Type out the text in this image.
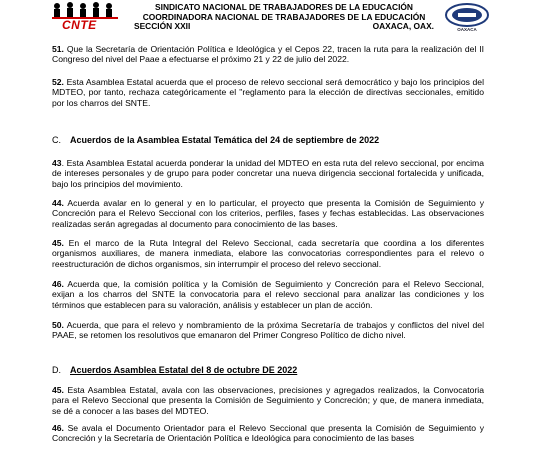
CNTE
SINDICATO NACIONAL DE TRABAJADORES DE LA EDUCACIÓN
COORDINADORA NACIONAL DE TRABAJADORES DE LA EDUCACIÓN
SECCIÓN XXII	OAXACA, OAX.	OAXACA
51. Que la Secretaría de Orientación Política e Ideológica y el Cepos 22, tracen la ruta para la realización del II Congreso del nivel del Paae a efectuarse el próximo 21 y 22 de julio del 2022.
52. Esta Asamblea Estatal acuerda que el proceso de relevo seccional será democrático y bajo los principios del MDTEO, por tanto, rechaza categóricamente el "reglamento para la elección de directivas seccionales, emitido por los charros del SNTE.
C. Acuerdos de la Asamblea Estatal Temática del 24 de septiembre de 2022
43. Esta Asamblea Estatal acuerda ponderar la unidad del MDTEO en esta ruta del relevo seccional, por encima de intereses personales y de grupo para poder concretar una nueva dirigencia seccional fortalecida y unificada, bajo los principios del movimiento.
44. Acuerda avalar en lo general y en lo particular, el proyecto que presenta la Comisión de Seguimiento y Concreción para el Relevo Seccional con los criterios, perfiles, fases y fechas establecidas. Las observaciones realizadas serán agregadas al documento para conocimiento de las bases.
45. En el marco de la Ruta Integral del Relevo Seccional, cada secretaría que coordina a los diferentes organismos auxiliares, de manera inmediata, elabore las convocatorias correspondientes para el relevo o reestructuración de dichos organismos, sin interrumpir el proceso del relevo seccional.
46. Acuerda que, la comisión política y la Comisión de Seguimiento y Concreción para el Relevo Seccional, exijan a los charros del SNTE la convocatoria para el relevo seccional para analizar las condiciones y los términos que establecen para su valoración, análisis y establecer un plan de acción.
50. Acuerda, que para el relevo y nombramiento de la próxima Secretaría de trabajos y conflictos del nivel del PAAE, se retomen los resolutivos que emanaron del Primer Congreso Político de dicho nivel.
D. Acuerdos Asamblea Estatal del 8 de octubre DE 2022
45. Esta Asamblea Estatal, avala con las observaciones, precisiones y agregados realizados, la Convocatoria para el Relevo Seccional que presenta la Comisión de Seguimiento y Concreción; y que, de manera inmediata, se dé a conocer a las bases del MDTEO.
46. Se avala el Documento Orientador para el Relevo Seccional que presenta la Comisión de Seguimiento y Concreción y la Secretaría de Orientación Política e Ideológica para conocimiento de las bases
